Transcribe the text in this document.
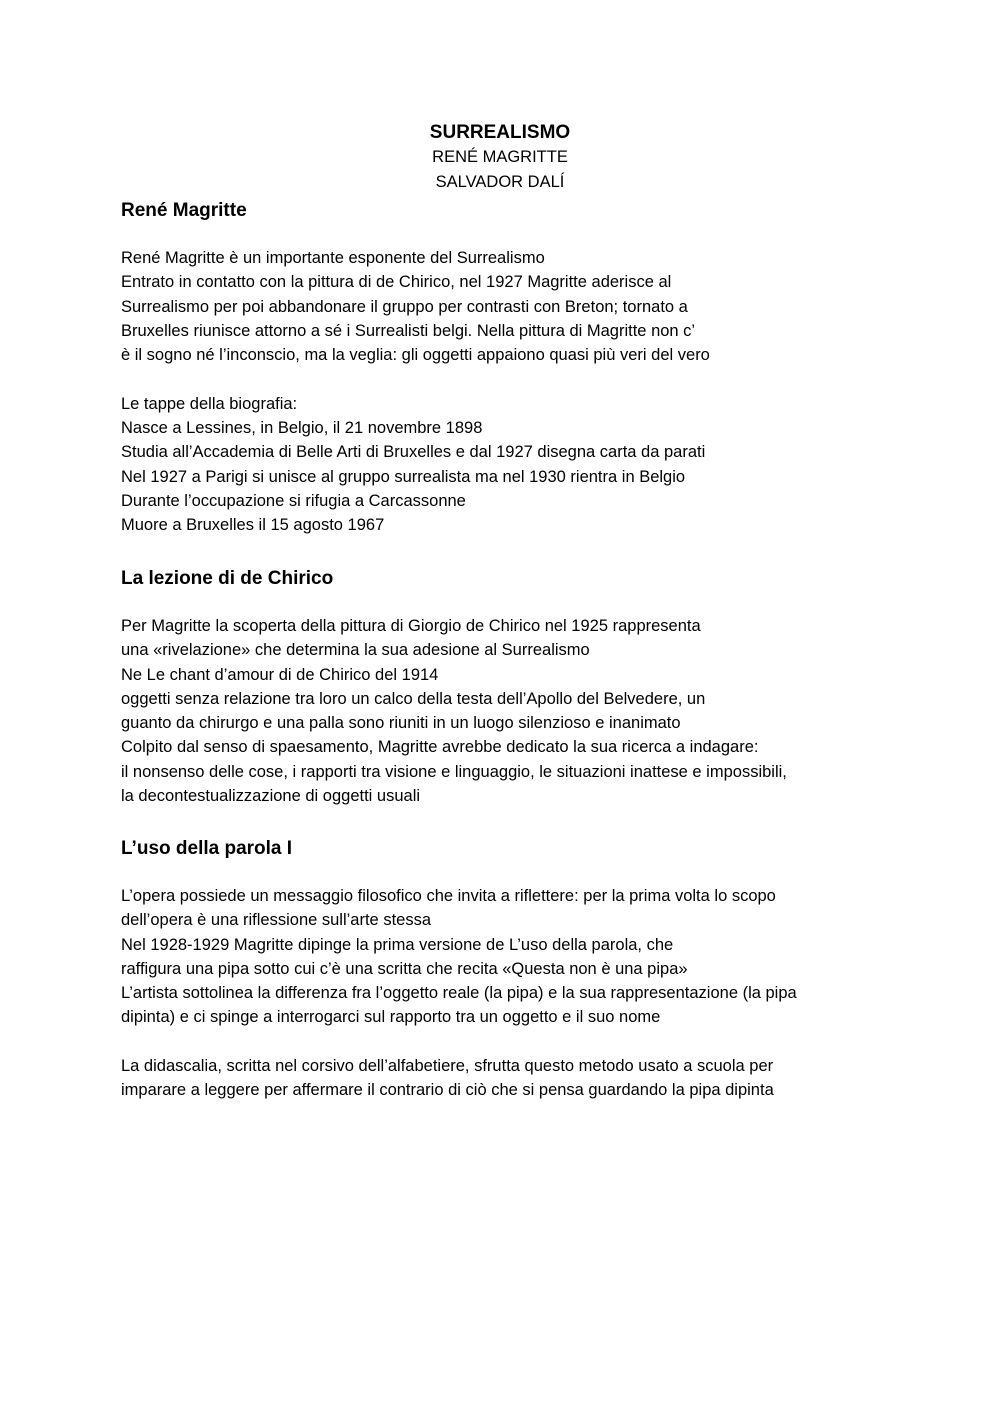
SURREALISMO

RENÉ MAGRITTE

SALVADOR DALÍ

René Magritte

René Magritte è un importante esponente del Surrealismo

Entrato in contatto con la pittura di de Chirico, nel 1927 Magritte aderisce al

Surrealismo per poi abbandonare il gruppo per contrasti con Breton; tornato a

Bruxelles riunisce attorno a sé i Surrealisti belgi. Nella pittura di Magritte non c’

è il sogno né l’inconscio, ma la veglia: gli oggetti appaiono quasi più veri del vero

Le tappe della biografia:

Nasce a Lessines, in Belgio, il 21 novembre 1898

Studia all’Accademia di Belle Arti di Bruxelles e dal 1927 disegna carta da parati

Nel 1927 a Parigi si unisce al gruppo surrealista ma nel 1930 rientra in Belgio

Durante l’occupazione si rifugia a Carcassonne

Muore a Bruxelles il 15 agosto 1967

La lezione di de Chirico

Per Magritte la scoperta della pittura di Giorgio de Chirico nel 1925 rappresenta

una «rivelazione» che determina la sua adesione al Surrealismo

Ne Le chant d’amour di de Chirico del 1914

oggetti senza relazione tra loro un calco della testa dell’Apollo del Belvedere, un

guanto da chirurgo e una palla sono riuniti in un luogo silenzioso e inanimato

Colpito dal senso di spaesamento, Magritte avrebbe dedicato la sua ricerca a indagare:

il nonsenso delle cose, i rapporti tra visione e linguaggio, le situazioni inattese e impossibili,

la decontestualizzazione di oggetti usuali

L’uso della parola I

L’opera possiede un messaggio filosofico che invita a riflettere: per la prima volta lo scopo

dell’opera è una riflessione sull’arte stessa

Nel 1928-1929 Magritte dipinge la prima versione de L’uso della parola, che

raffigura una pipa sotto cui c’è una scritta che recita «Questa non è una pipa»

L’artista sottolinea la differenza fra l’oggetto reale (la pipa) e la sua rappresentazione (la pipa

dipinta) e ci spinge a interrogarci sul rapporto tra un oggetto e il suo nome

La didascalia, scritta nel corsivo dell’alfabetiere, sfrutta questo metodo usato a scuola per

imparare a leggere per affermare il contrario di ciò che si pensa guardando la pipa dipinta
